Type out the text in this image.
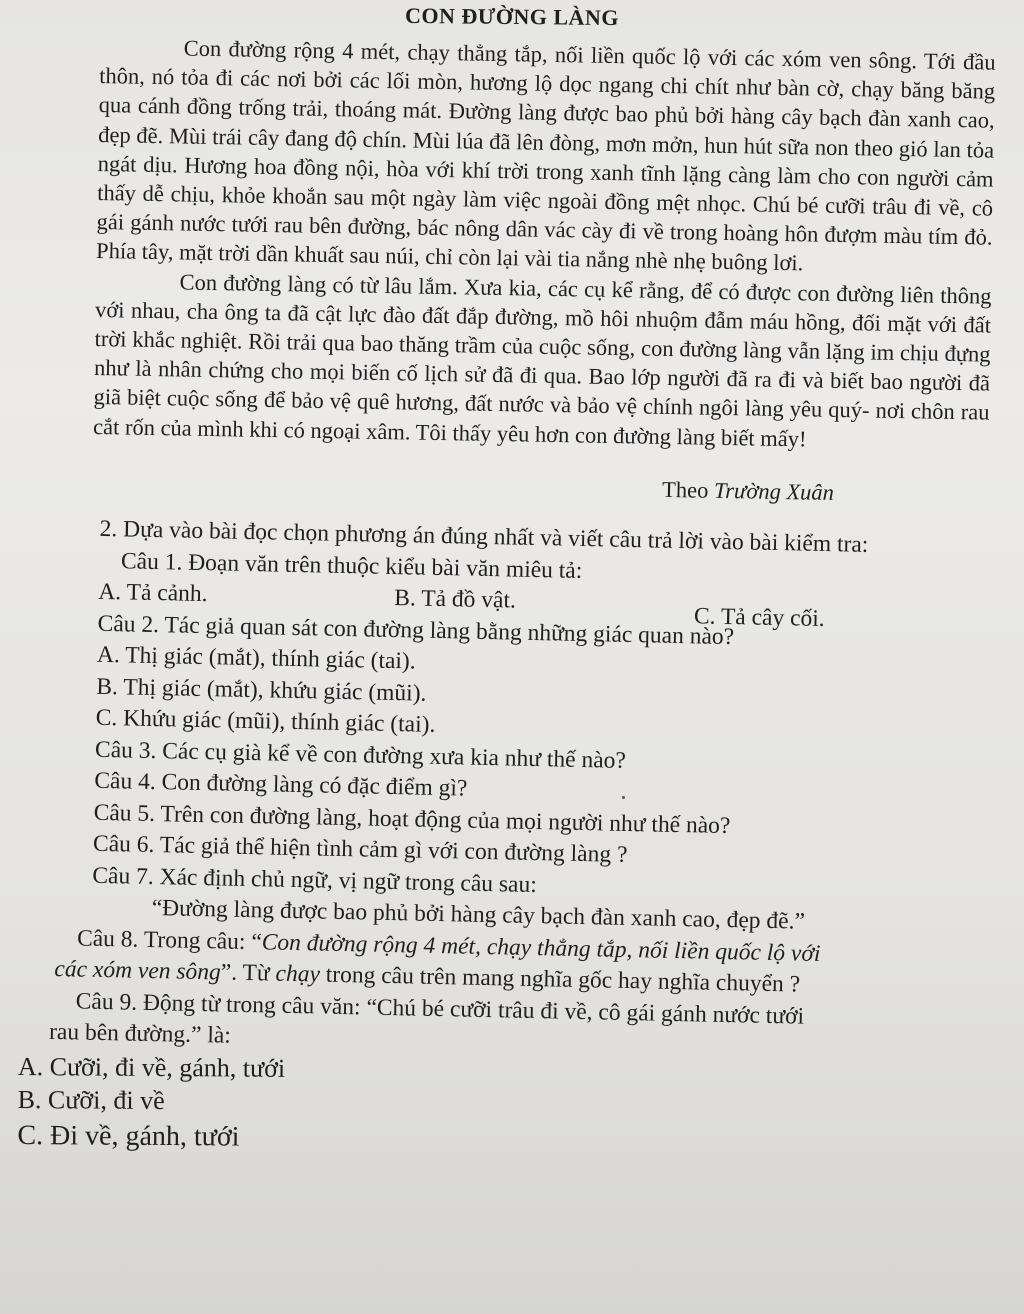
CON ĐƯỜNG LÀNG

Con đường rộng 4 mét, chạy thẳng tắp, nối liền quốc lộ với các xóm ven sông. Tới đầu thôn, nó tỏa đi các nơi bởi các lối mòn, hương lộ dọc ngang chi chít như bàn cờ, chạy băng băng qua cánh đồng trống trải, thoáng mát. Đường làng được bao phủ bởi hàng cây bạch đàn xanh cao, đẹp đẽ. Mùi trái cây đang độ chín. Mùi lúa đã lên đòng, mơn mởn, hun hút sữa non theo gió lan tỏa ngát dịu. Hương hoa đồng nội, hòa với khí trời trong xanh tĩnh lặng càng làm cho con người cảm thấy dễ chịu, khỏe khoắn sau một ngày làm việc ngoài đồng mệt nhọc. Chú bé cưỡi trâu đi về, cô gái gánh nước tưới rau bên đường, bác nông dân vác cày đi về trong hoàng hôn đượm màu tím đỏ. Phía tây, mặt trời dần khuất sau núi, chỉ còn lại vài tia nắng nhè nhẹ buông lơi.

Con đường làng có từ lâu lắm. Xưa kia, các cụ kể rằng, để có được con đường liên thông với nhau, cha ông ta đã cật lực đào đất đắp đường, mồ hôi nhuộm đẫm máu hồng, đối mặt với đất trời khắc nghiệt. Rồi trải qua bao thăng trầm của cuộc sống, con đường làng vẫn lặng im chịu đựng như là nhân chứng cho mọi biến cố lịch sử đã đi qua. Bao lớp người đã ra đi và biết bao người đã giã biệt cuộc sống để bảo vệ quê hương, đất nước và bảo vệ chính ngôi làng yêu quý- nơi chôn rau cắt rốn của mình khi có ngoại xâm. Tôi thấy yêu hơn con đường làng biết mấy!

Theo Trường Xuân
2. Dựa vào bài đọc chọn phương án đúng nhất và viết câu trả lời vào bài kiểm tra:
Câu 1. Đoạn văn trên thuộc kiểu bài văn miêu tả:
A. Tả cảnh.	B. Tả đồ vật.
C. Tả cây cối.
Câu 2. Tác giả quan sát con đường làng bằng những giác quan nào?
A. Thị giác (mắt), thính giác (tai).
B. Thị giác (mắt), khứu giác (mũi).
C. Khứu giác (mũi), thính giác (tai).
Câu 3. Các cụ già kể về con đường xưa kia như thế nào?
Câu 4. Con đường làng có đặc điểm gì?
Câu 5. Trên con đường làng, hoạt động của mọi người như thế nào?
Câu 6. Tác giả thể hiện tình cảm gì với con đường làng ?
Câu 7. Xác định chủ ngữ, vị ngữ trong câu sau:
“Đường làng được bao phủ bởi hàng cây bạch đàn xanh cao, đẹp đẽ.”
Câu 8. Trong câu: “Con đường rộng 4 mét, chạy thẳng tắp, nối liền quốc lộ với
các xóm ven sông”. Từ chạy trong câu trên mang nghĩa gốc hay nghĩa chuyển ?
Câu 9. Động từ trong câu văn: “Chú bé cưỡi trâu đi về, cô gái gánh nước tưới
rau bên đường.” là:
A. Cưỡi, đi về, gánh, tưới
B. Cưỡi, đi về
C. Đi về, gánh, tưới
